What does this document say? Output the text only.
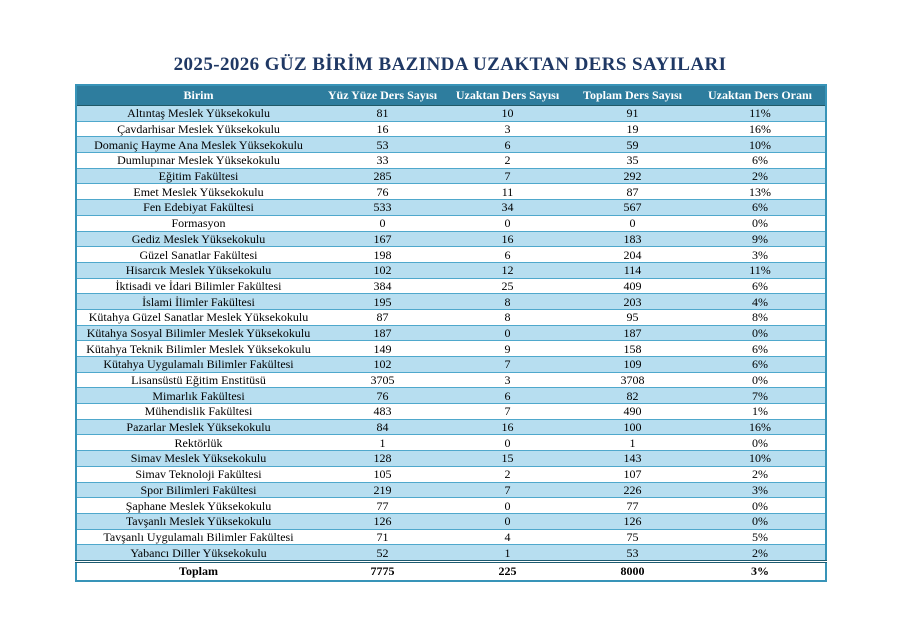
2025-2026 GÜZ BİRİM BAZINDA UZAKTAN DERS SAYILARI
Birim	Yüz Yüze Ders Sayısı	Uzaktan Ders Sayısı	Toplam Ders Sayısı	Uzaktan Ders Oranı
Altıntaş Meslek Yüksekokulu	81	10	91	11%
Çavdarhisar Meslek Yüksekokulu	16	3	19	16%
Domaniç Hayme Ana Meslek Yüksekokulu	53	6	59	10%
Dumlupınar Meslek Yüksekokulu	33	2	35	6%
Eğitim Fakültesi	285	7	292	2%
Emet Meslek Yüksekokulu	76	11	87	13%
Fen Edebiyat Fakültesi	533	34	567	6%
Formasyon	0	0	0	0%
Gediz Meslek Yüksekokulu	167	16	183	9%
Güzel Sanatlar Fakültesi	198	6	204	3%
Hisarcık Meslek Yüksekokulu	102	12	114	11%
İktisadi ve İdari Bilimler Fakültesi	384	25	409	6%
İslami İlimler Fakültesi	195	8	203	4%
Kütahya Güzel Sanatlar Meslek Yüksekokulu	87	8	95	8%
Kütahya Sosyal Bilimler Meslek Yüksekokulu	187	0	187	0%
Kütahya Teknik Bilimler Meslek Yüksekokulu	149	9	158	6%
Kütahya Uygulamalı Bilimler Fakültesi	102	7	109	6%
Lisansüstü Eğitim Enstitüsü	3705	3	3708	0%
Mimarlık Fakültesi	76	6	82	7%
Mühendislik Fakültesi	483	7	490	1%
Pazarlar Meslek Yüksekokulu	84	16	100	16%
Rektörlük	1	0	1	0%
Simav Meslek Yüksekokulu	128	15	143	10%
Simav Teknoloji Fakültesi	105	2	107	2%
Spor Bilimleri Fakültesi	219	7	226	3%
Şaphane Meslek Yüksekokulu	77	0	77	0%
Tavşanlı Meslek Yüksekokulu	126	0	126	0%
Tavşanlı Uygulamalı Bilimler Fakültesi	71	4	75	5%
Yabancı Diller Yüksekokulu	52	1	53	2%
Toplam	7775	225	8000	3%
